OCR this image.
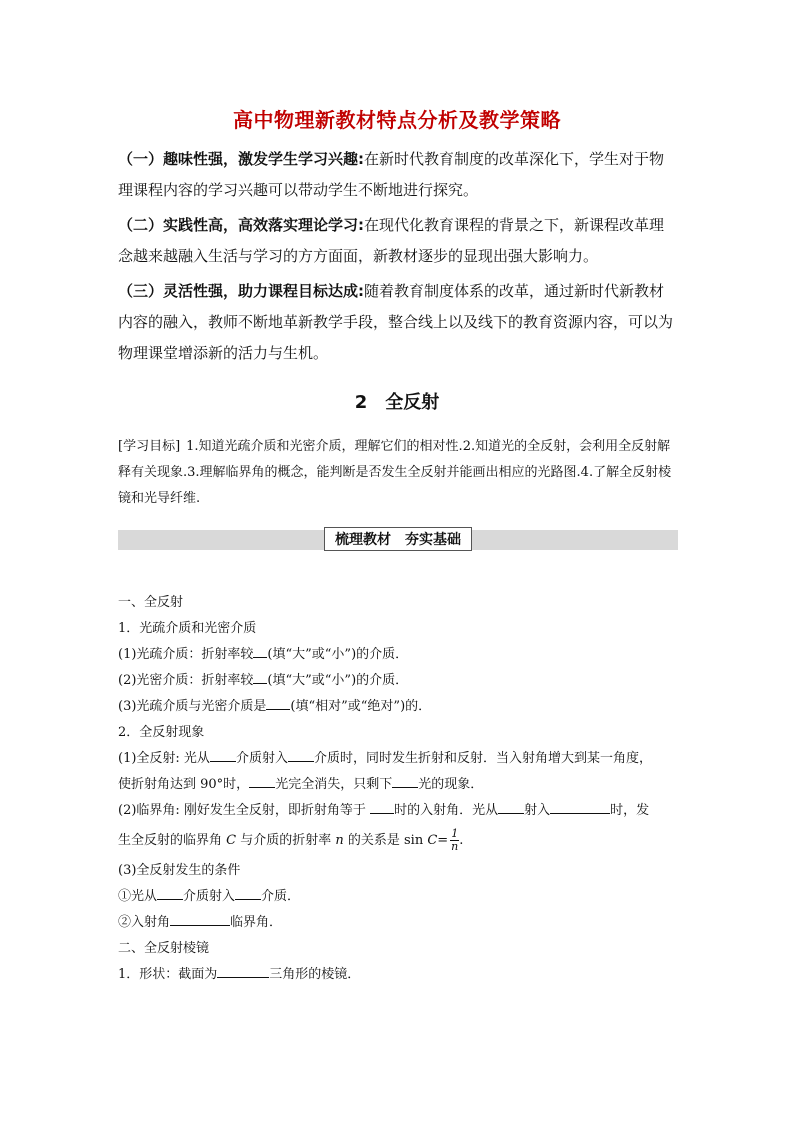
高中物理新教材特点分析及教学策略

（一）趣味性强，激发学生学习兴趣:在新时代教育制度的改革深化下，学生对于物理课程内容的学习兴趣可以带动学生不断地进行探究。

（二）实践性高，高效落实理论学习:在现代化教育课程的背景之下，新课程改革理念越来越融入生活与学习的方方面面，新教材逐步的显现出强大影响力。

（三）灵活性强，助力课程目标达成:随着教育制度体系的改革，通过新时代新教材内容的融入，教师不断地革新教学手段，整合线上以及线下的教育资源内容，可以为物理课堂增添新的活力与生机。

2 全反射
[学习目标] 1.知道光疏介质和光密介质，理解它们的相对性.2.知道光的全反射，会利用全反射解释有关现象.3.理解临界角的概念，能判断是否发生全反射并能画出相应的光路图.4.了解全反射棱镜和光导纤维.
梳理教材　夯实基础

一、全反射

1．光疏介质和光密介质

(1)光疏介质：折射率较 (填“大”或“小”)的介质．

(2)光密介质：折射率较 (填“大”或“小”)的介质．

(3)光疏介质与光密介质是 (填“相对”或“绝对”)的．

2．全反射现象

(1)全反射: 光从 介质射入 介质时，同时发生折射和反射．当入射角增大到某一角度，

使折射角达到 90°时， 光完全消失，只剩下 光的现象．

(2)临界角: 刚好发生全反射，即折射角等于 时的入射角．光从 射入	时，发

生全反射的临界角 C 与介质的折射率 n 的关系是 $\sin C= \frac{1}{n}$ .

(3)全反射发生的条件

①光从 介质射入 介质．

②入射角	临界角．

二、全反射棱镜

1．形状：截面为	三角形的棱镜．
